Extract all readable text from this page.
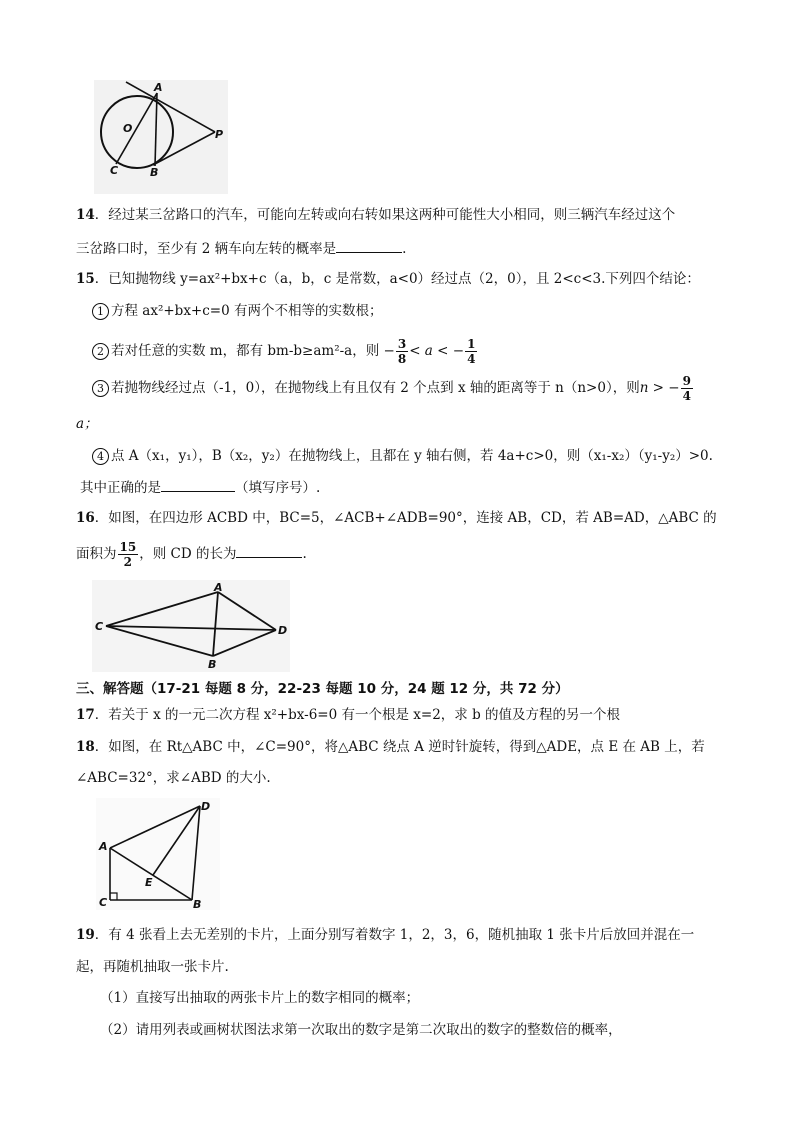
A
O
C	B
P
14．经过某三岔路口的汽车，可能向左转或向右转如果这两种可能性大小相同，则三辆汽车经过这个
三岔路口时，至少有 2 辆车向左转的概率是	.
15．已知抛物线 y=ax²+bx+c（a，b，c 是常数，a<0）经过点（2，0），且 2<c<3.下列四个结论：
1 方程 ax²+bx+c=0 有两个不相等的实数根；
2 若对任意的实数 m，都有 bm-b≥am²-a，则 − $\frac{3}{8} < a$ < − $\frac{1}{4}$
3 若抛物线经过点（-1，0），在抛物线上有且仅有 2 个点到 x 轴的距离等于 n（n>0），则n > − $\frac{9}{4}$
a；
4 点 A（x₁，y₁），B（x₂，y₂）在抛物线上，且都在 y 轴右侧，若 4a+c>0，则（x₁-x₂）（y₁-y₂）>0.
其中正确的是	（填写序号）.
16．如图，在四边形 ACBD 中，BC=5，∠ACB+∠ADB=90°，连接 AB，CD，若 AB=AD，△ABC 的
面积为 $\frac{15}{2}$ ，则 CD 的长为	.
A
C	D
B
三、解答题（17-21 每题 8 分，22-23 每题 10 分，24 题 12 分，共 72 分）
17．若关于 x 的一元二次方程 x²+bx-6=0 有一个根是 x=2，求 b 的值及方程的另一个根
18．如图，在 Rt△ABC 中，∠C=90°，将△ABC 绕点 A 逆时针旋转，得到△ADE，点 E 在 AB 上，若
∠ABC=32°，求∠ABD 的大小.
D
A
E
C	B
19．有 4 张看上去无差别的卡片，上面分别写着数字 1，2，3，6，随机抽取 1 张卡片后放回并混在一
起，再随机抽取一张卡片.
（1）直接写出抽取的两张卡片上的数字相同的概率；
（2）请用列表或画树状图法求第一次取出的数字是第二次取出的数字的整数倍的概率，
